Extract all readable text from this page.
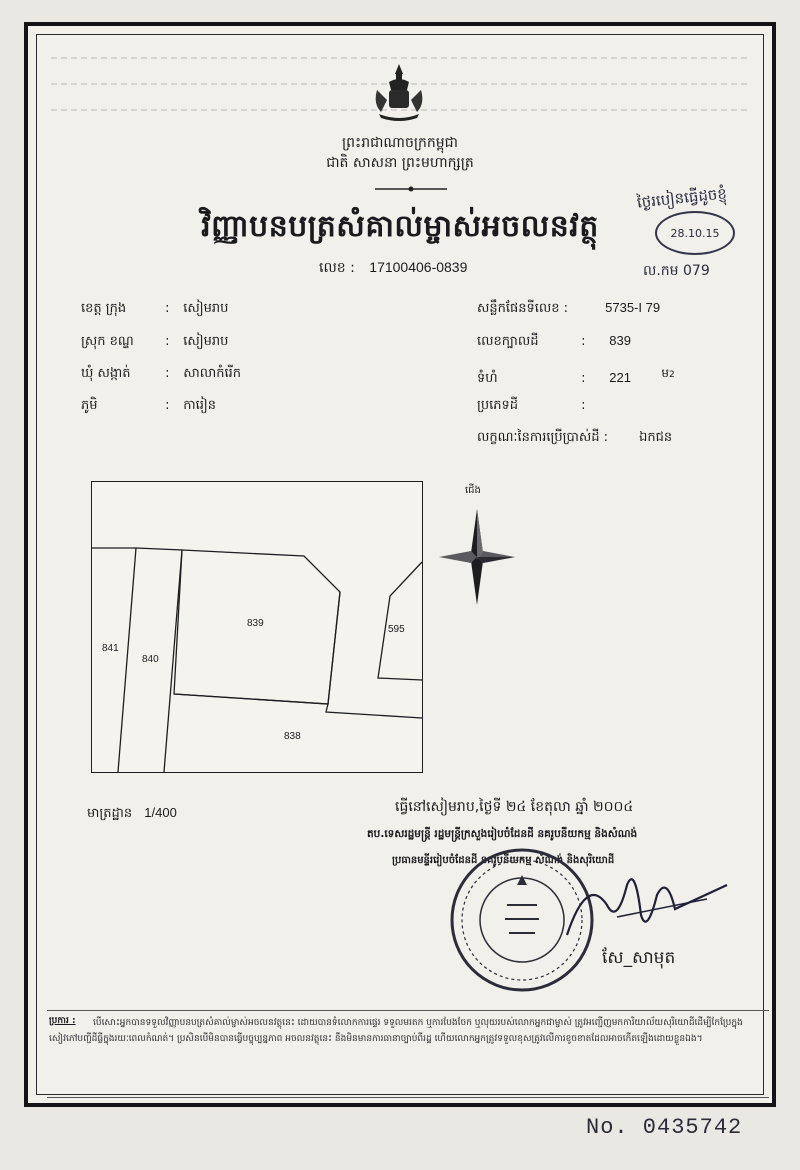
ព្រះរាជាណាចក្រកម្ពុជា
ជាតិ សាសនា ព្រះមហាក្សត្រ
វិញ្ញាបនបត្រសំគាល់ម្ចាស់អចលនវត្ថុ
លេខ : 17100406-0839
ថ្ងៃរបៀនធ្វើដូចខ្ញុំ
28.10.15
ល.កម 079
ខេត្ត ក្រុង	: សៀមរាប
ស្រុក ខណ្ឌ : សៀមរាប
ឃុំ សង្កាត់	: សាលាកំរើក
ភូមិ	: ការៀន
សន្លឹកផែនទីលេខ :	5735-I 79
លេខក្បាលដី	: 839
ទំហំ	: 221	ម$^2$
ប្រភេទដី	:
លក្ខណៈនៃការប្រើប្រាស់ដី : ឯកជន
841
840
839
838
595
ជើង
មាត្រដ្ឋាន 1/400	ធ្វើនៅសៀមរាប,ថ្ងៃទី ២៤ ខែតុលា ឆ្នាំ ២០០៤
តប.ទេសរដ្ឋមន្ត្រី រដ្ឋមន្ត្រីក្រសួងរៀបចំដែនដី នគរូបនីយកម្ម និងសំណង់
ប្រធានមន្ទីររៀបចំដែនដី នគរូបនីយកម្ម សំណង់ និងសុរិយោដី
សែ_សាមុត
ប្រការ :	បើសោះអ្នកបានទទួលវិញ្ញាបនបត្រសំគាល់ម្ចាស់អចលនវត្ថុនេះ ដោយបានទំលោកការផ្ទេរ ទទួលមរតក ឬការបែងចែក ឬលុយរបស់លោកអ្នកជាម្ចាស់ ត្រូវអញ្ជើញមកការិយាល័យសុរិយោដីដើម្បីកែប្រែក្នុងសៀវភៅបញ្ជីដីធ្លីក្នុងរយៈពេលកំណត់។ ប្រសិនបើមិនបានធ្វើបច្ចុប្បន្នភាព អចលនវត្ថុនេះ នឹងមិនមានការធានាច្បាប់ពីរដ្ឋ ហើយលោកអ្នកត្រូវទទួលខុសត្រូវលើការខូចខាតដែលអាចកើតឡើងដោយខ្លួនឯង។
No. 0435742
